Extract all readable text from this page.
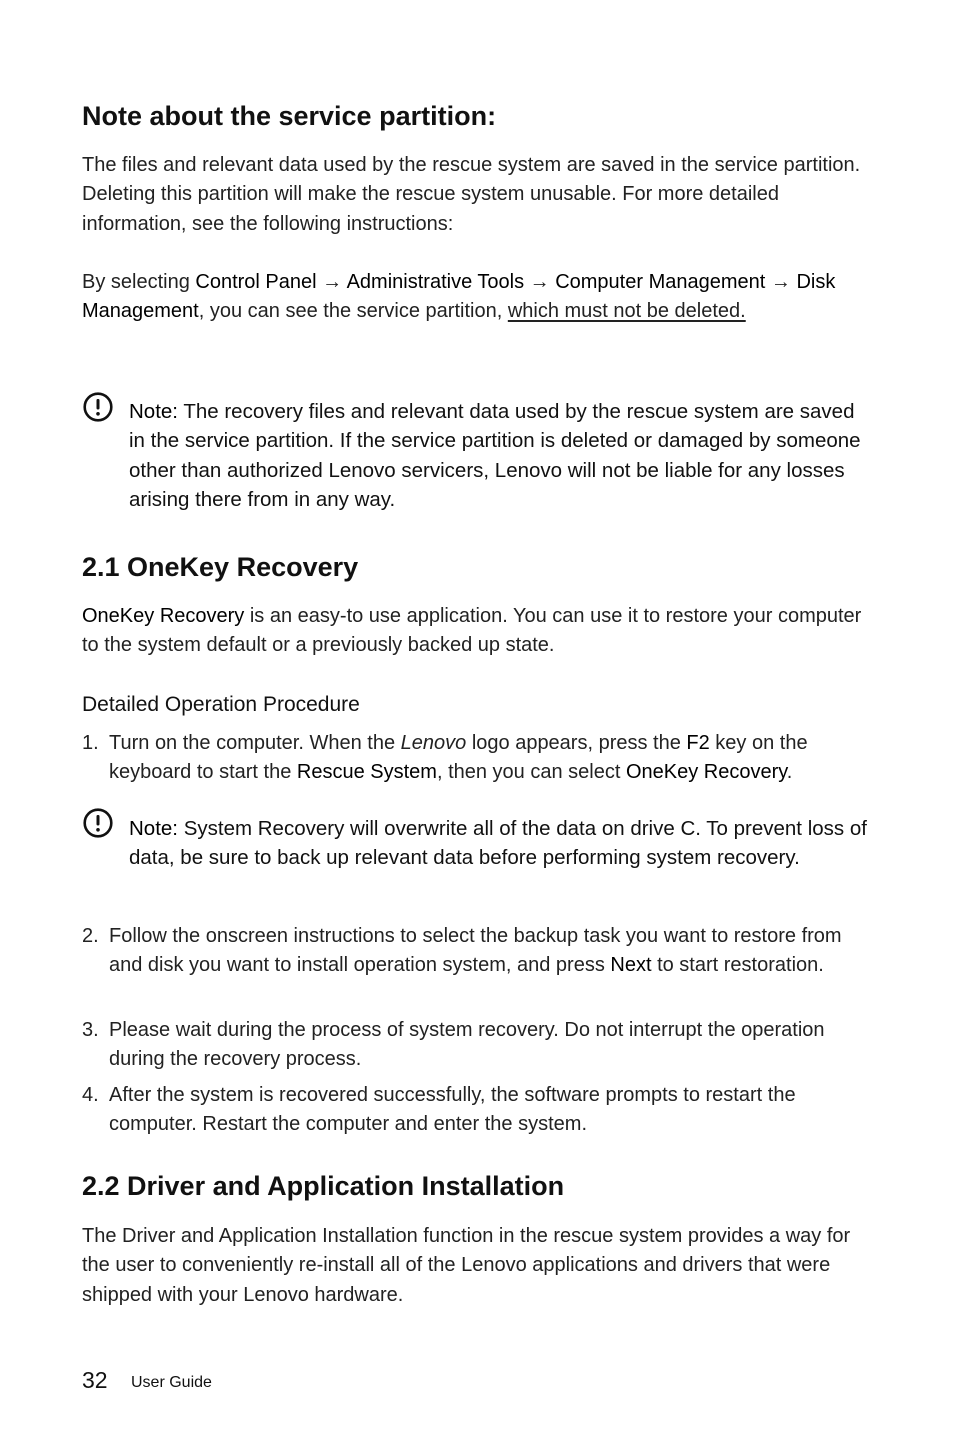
Note about the service partition:

The files and relevant data used by the rescue system are saved in the service partition. Deleting this partition will make the rescue system unusable. For more detailed information, see the following instructions:

By selecting Control Panel → Administrative Tools → Computer Management → Disk Management, you can see the service partition, which must not be deleted.

Note: The recovery files and relevant data used by the rescue system are saved in the service partition. If the service partition is deleted or damaged by someone other than authorized Lenovo servicers, Lenovo will not be liable for any losses arising there from in any way.

2.1 OneKey Recovery

OneKey Recovery is an easy-to use application. You can use it to restore your computer to the system default or a previously backed up state.

Detailed Operation Procedure
1. Turn on the computer. When the Lenovo logo appears, press the F2 key on the keyboard to start the Rescue System, then you can select OneKey Recovery.

Note: System Recovery will overwrite all of the data on drive C. To prevent loss of data, be sure to back up relevant data before performing system recovery.

2. Follow the onscreen instructions to select the backup task you want to restore from and disk you want to install operation system, and press Next to start restoration.

3. Please wait during the process of system recovery. Do not interrupt the operation during the recovery process.

4. After the system is recovered successfully, the software prompts to restart the computer. Restart the computer and enter the system.

2.2 Driver and Application Installation

The Driver and Application Installation function in the rescue system provides a way for the user to conveniently re-install all of the Lenovo applications and drivers that were shipped with your Lenovo hardware.

32 User Guide
